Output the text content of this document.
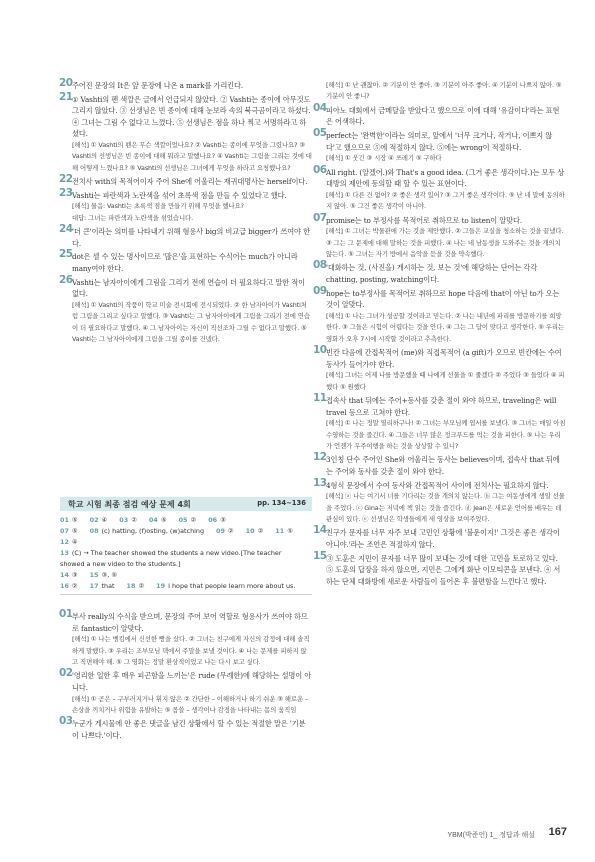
20 주어진 문장의 It은 앞 문장에 나온 a mark를 가리킨다.
21 ① Vashti의 펜 색깔은 글에서 언급되지 않았다. ② Vashti는 종이에 아무것도 그리지 않았다. ③ 선생님은 빈 종이에 대해 눈보라 속의 북극곰이라고 하셨다. ④ 그녀는 그림 수 없다고 느꼈다. ⑤ 선생님은 점을 하나 찍고 서명하라고 하셨다.
[해석] ① Vashti의 펜은 무슨 색깔이었나요? ② Vashti는 종이에 무엇을 그렸나요? ③ Vashti의 선생님은 빈 종이에 대해 뭐라고 말했나요? ④ Vashti는 그림을 그리는 것에 대해 어떻게 느꼈나요? ⑤ Vashti의 선생님은 그녀에게 무엇을 하라고 요청했나요?
22 전치사 with의 목적어이자 주어 She에 어울리는 재귀대명사는 herself이다.
23 Vashti는 파란색과 노란색을 섞어 초록색 점을 만들 수 있었다고 했다.
[해석] 물음: Vashti는 초록색 점을 만들기 위해 무엇을 했나요?
대답: 그녀는 파란색과 노란색을 섞었습니다.
24 '더 큰'이라는 의미를 나타내기 위해 형용사 big의 비교급 bigger가 쓰여야 한다.
25 dot은 셀 수 있는 명사이므로 '많은'을 표현하는 수식어는 much가 아니라 many여야 한다.
26 Vashti는 남자아이에게 그림을 그리기 전에 연습이 더 필요하다고 말한 적이 없다.
[해석] ① Vashti의 작품이 학교 미술 전시회에 전시되었다. ② 한 남자아이가 Vashti처럼 그림을 그리고 싶다고 말했다. ③ Vashti는 그 남자아이에게 그림을 그리기 전에 연습이 더 필요하다고 말했다. ④ 그 남자아이는 자신이 직선조차 그릴 수 없다고 말했다. ⑤ Vashti는 그 남자아이에게 그림을 그릴 종이를 건넸다.
학교 시험 최종 점검 예상 문제 4회	pp. 134~136
01 ⑤ 02 ④ 03 ② 04 ⑤ 05 ② 06 ③
07 ⑤ 08 (c) hatting, (f)osting, (w)atching 09 ② 10 ② 11 ⑤
12 ④13 (C) → The teacher showed the students a new video.[The teacher showed a new video to the students.]14 ③ 15 ③, ⑤
16 ② 17 that 18 ② 19 I hope that people learn more about us.
01 부사 really의 수식을 받으며, 문장의 주어 보어 역할로 형용사가 쓰여야 하므로 fantastic이 알맞다.
[해석] ① 나는 벵킴에서 신선한 빵을 샀다. ② 그녀는 친구에게 자신의 감정에 대해 솔직하게 말했다. ③ 우리는 조부모님 댁에서 주말을 보낼 것이다. ④ 나는 문제를 피하지 않고 직면해야 해. ⑤ 그 영화는 정말 환상적이었고 나는 다시 보고 싶다.
02 '영리한 일한 후 매우 피곤함을 느끼는'은 rude (무례한)에 해당하는 설명이 아니다.
[해석] ① 곧은 – 구부러지거나 휘지 않은 ② 간단한 – 이해하거나 하기 쉬운 ③ 해로운 – 손상을 끼치거나 위험을 유발하는 ⑤ 몹쓸 – 생각이나 감정을 나타내는 몸의 움직임
03 누군가 게시물에 안 좋은 댓글을 남긴 상황에서 할 수 있는 적절한 말은 '기분이 나쁘다.'이다.
[해석] ① 난 괜찮아. ② 기분이 안 좋아. ③ 기분이 아주 좋아. ④ 기분이 나쁘지 않아. ⑤ 기분이 안 좋니?
04 피아노 대회에서 금메달을 받았다고 했으므로 이에 대해 '유감이다'라는 표현은 어색하다.
05 perfect는 '완벽한'이라는 의미로, 앞에서 '너무 크거나, 작거나, 이쁘지 않다'고 했으므로 ⑤에 적절하지 않다. ⑤에는 wrong이 적절하다.
[해석] ① 웃긴 ③ 시장 ④ 쓰레기 ⑤ 구하다
06 All right. (알겠어.)와 That's a good idea. (그거 좋은 생각이다.)는 모두 상대방의 제안에 동의할 때 할 수 있는 표현이다.
[해석] ① 다른 건 없어? ② 좋은 생각 있어? ③ 그거 좋은 생각이다. ⑤ 난 네 말에 동의하지 않아. ⑤ 그건 좋은 생각이 아니야.
07 promise는 to 부정사를 목적어로 취하므로 to listen이 알맞다.
[해석] ① 그녀는 박물관에 가는 것을 제안했다. ② 그들은 교실을 청소하는 것을 끝냈다. ③ 그는 그 문제에 대해 말하는 것을 피했다. ④ 나는 네 남동생을 도와주는 것을 개의치 않는다. ⑤ 그녀는 자기 방에서 음악을 듣을 것을 약속했다.
08 '대화하는 것, (사진을) 게시하는 것, 보는 것'에 해당하는 단어는 각각 chatting, posting, watching이다.
09 hope는 to부정사를 목적어로 취하므로 hope 다음에 that이 아닌 to가 오는 것이 알맞다.
[해석] ① 나는 그녀가 성공할 것이라고 믿는다. ② 나는 내년에 파리를 방문하기를 희망한다. ③ 그들은 시험이 어렵다는 것을 안다. ④ 그는 그 답이 맞다고 생각한다. ⑤ 우리는 영화가 오후 7시에 시작할 것이라고 추측한다.
10 빈칸 다음에 간접목적어 (me)와 직접목적어 (a gift)가 오므로 빈칸에는 수여 동사가 들어가야 한다.
[해석] 그녀는 어제 나를 방문했을 때 나에게 선물을 ① 줄겠다 ② 주었다 ③ 들었다 ④ 피했다 ⑤ 원했다
11 접속사 that 뒤에는 주어+동사를 갖춘 절이 와야 하므로, traveling은 will travel 등으로 고쳐야 한다.
[해석] ① 나는 정말 열리하구나! ② 그녀는 부모님께 엽서를 보냈다. ③ 그녀는 매일 아침 수영하는 것을 즐긴다. ④ 그들은 너무 많은 정크푸드를 먹는 것을 피한다. ⑤ 나는 우리가 언젠가 우주여행을 하는 것을 상상할 수 있니?
12 3인칭 단수 주어인 She와 어울리는 동사는 believes이며, 접속사 that 뒤에는 주어와 동사를 갖춘 절이 와야 한다.
13 4형식 문장에서 수여 동사와 간접목적어 사이에 전치사는 필요하지 않다.
[해석] ⓐ 나는 여기서 너를 기다리는 것을 개의치 않는다. ⓑ 그는 여동생에게 생일 선물을 주었다. ⓒ Gina는 저녁에 책 읽는 것을 즐긴다. ⓓ Jean은 새로운 언어를 배우는 데 관심이 있다. ⓔ 선생님은 학생들에게 새 영상을 보여주었다.
14 친구가 문자를 너무 자주 보내 고민인 상황에 '불운이지!' 그것은 좋은 생각이 아니야.'라는 조언은 적절하지 않다.
15 ③ 도훈은 지민이 문자를 너무 많이 보내는 것에 대한 고민을 토로하고 있다. ⑤ 도훈의 답장을 하지 않으면, 지민은 그에게 화난 이모티콘을 보낸다. ④ 서하는 단체 대화방에 새로운 사람들이 들어온 후 불편함을 느낀다고 했다.
YBM(박준언) 1_ 정답과 해설 167
